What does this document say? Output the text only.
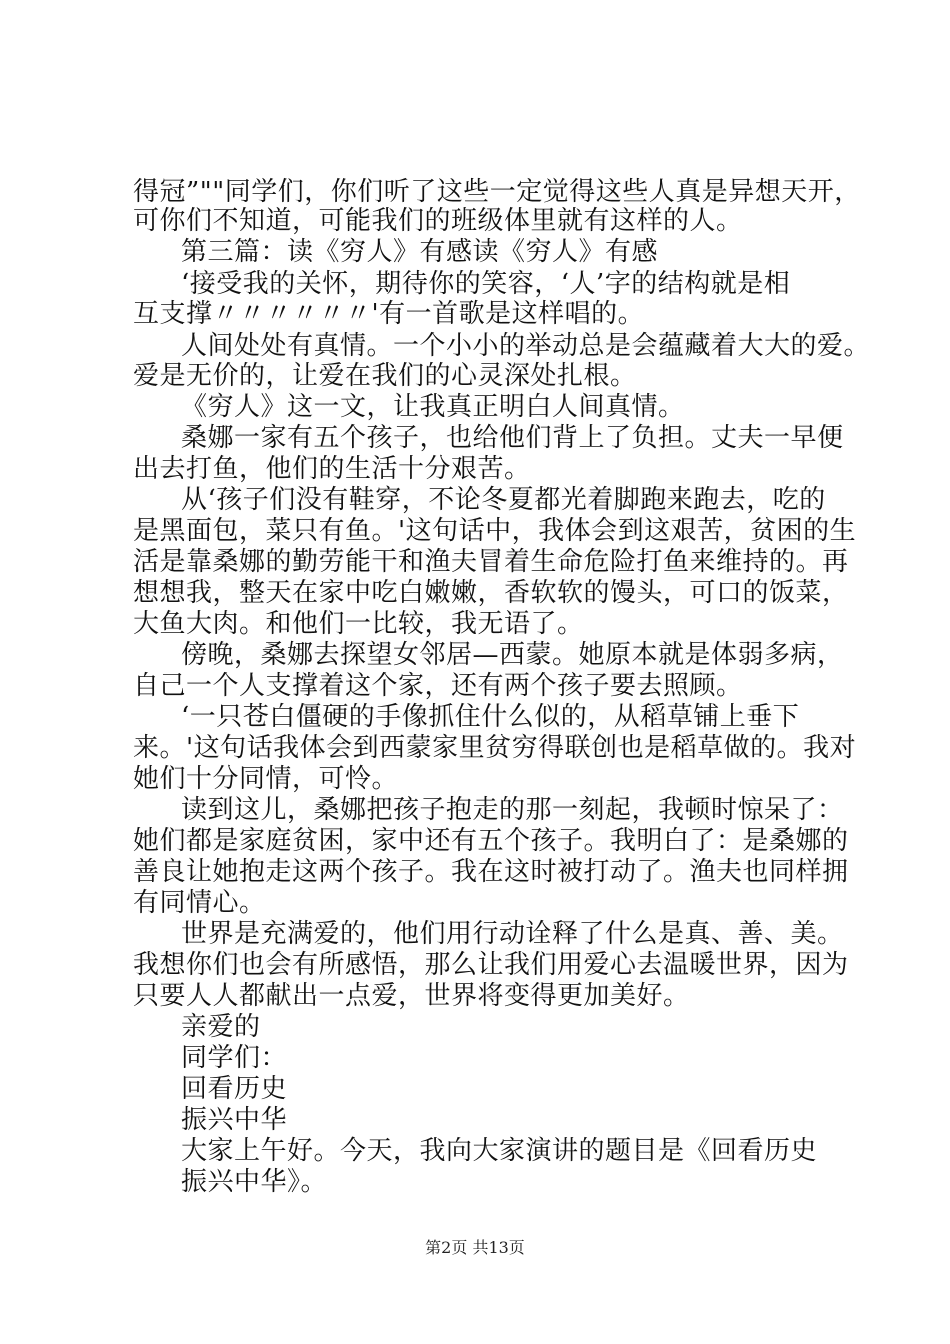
得冠”""同学们，你们听了这些一定觉得这些人真是异想天开，
可你们不知道，可能我们的班级体里就有这样的人。
第三篇：读《穷人》有感读《穷人》有感
‘接受我的关怀，期待你的笑容，‘人’字的结构就是相
互支撑〃〃〃〃〃〃'有一首歌是这样唱的。
人间处处有真情。一个小小的举动总是会蕴藏着大大的爱。
爱是无价的，让爱在我们的心灵深处扎根。
《穷人》这一文，让我真正明白人间真情。
桑娜一家有五个孩子，也给他们背上了负担。丈夫一早便
出去打鱼，他们的生活十分艰苦。
从‘孩子们没有鞋穿，不论冬夏都光着脚跑来跑去，吃的
是黑面包，菜只有鱼。'这句话中，我体会到这艰苦，贫困的生
活是靠桑娜的勤劳能干和渔夫冒着生命危险打鱼来维持的。再
想想我，整天在家中吃白嫩嫩，香软软的馒头，可口的饭菜，
大鱼大肉。和他们一比较，我无语了。
傍晚，桑娜去探望女邻居—西蒙。她原本就是体弱多病，
自己一个人支撑着这个家，还有两个孩子要去照顾。
‘一只苍白僵硬的手像抓住什么似的，从稻草铺上垂下
来。'这句话我体会到西蒙家里贫穷得联创也是稻草做的。我对
她们十分同情，可怜。
读到这儿，桑娜把孩子抱走的那一刻起，我顿时惊呆了：
她们都是家庭贫困，家中还有五个孩子。我明白了：是桑娜的
善良让她抱走这两个孩子。我在这时被打动了。渔夫也同样拥
有同情心。
世界是充满爱的，他们用行动诠释了什么是真、善、美。
我想你们也会有所感悟，那么让我们用爱心去温暖世界，因为
只要人人都献出一点爱，世界将变得更加美好。
亲爱的
同学们：
回看历史
振兴中华
大家上午好。今天，我向大家演讲的题目是《回看历史
振兴中华》。
第2页 共13页
